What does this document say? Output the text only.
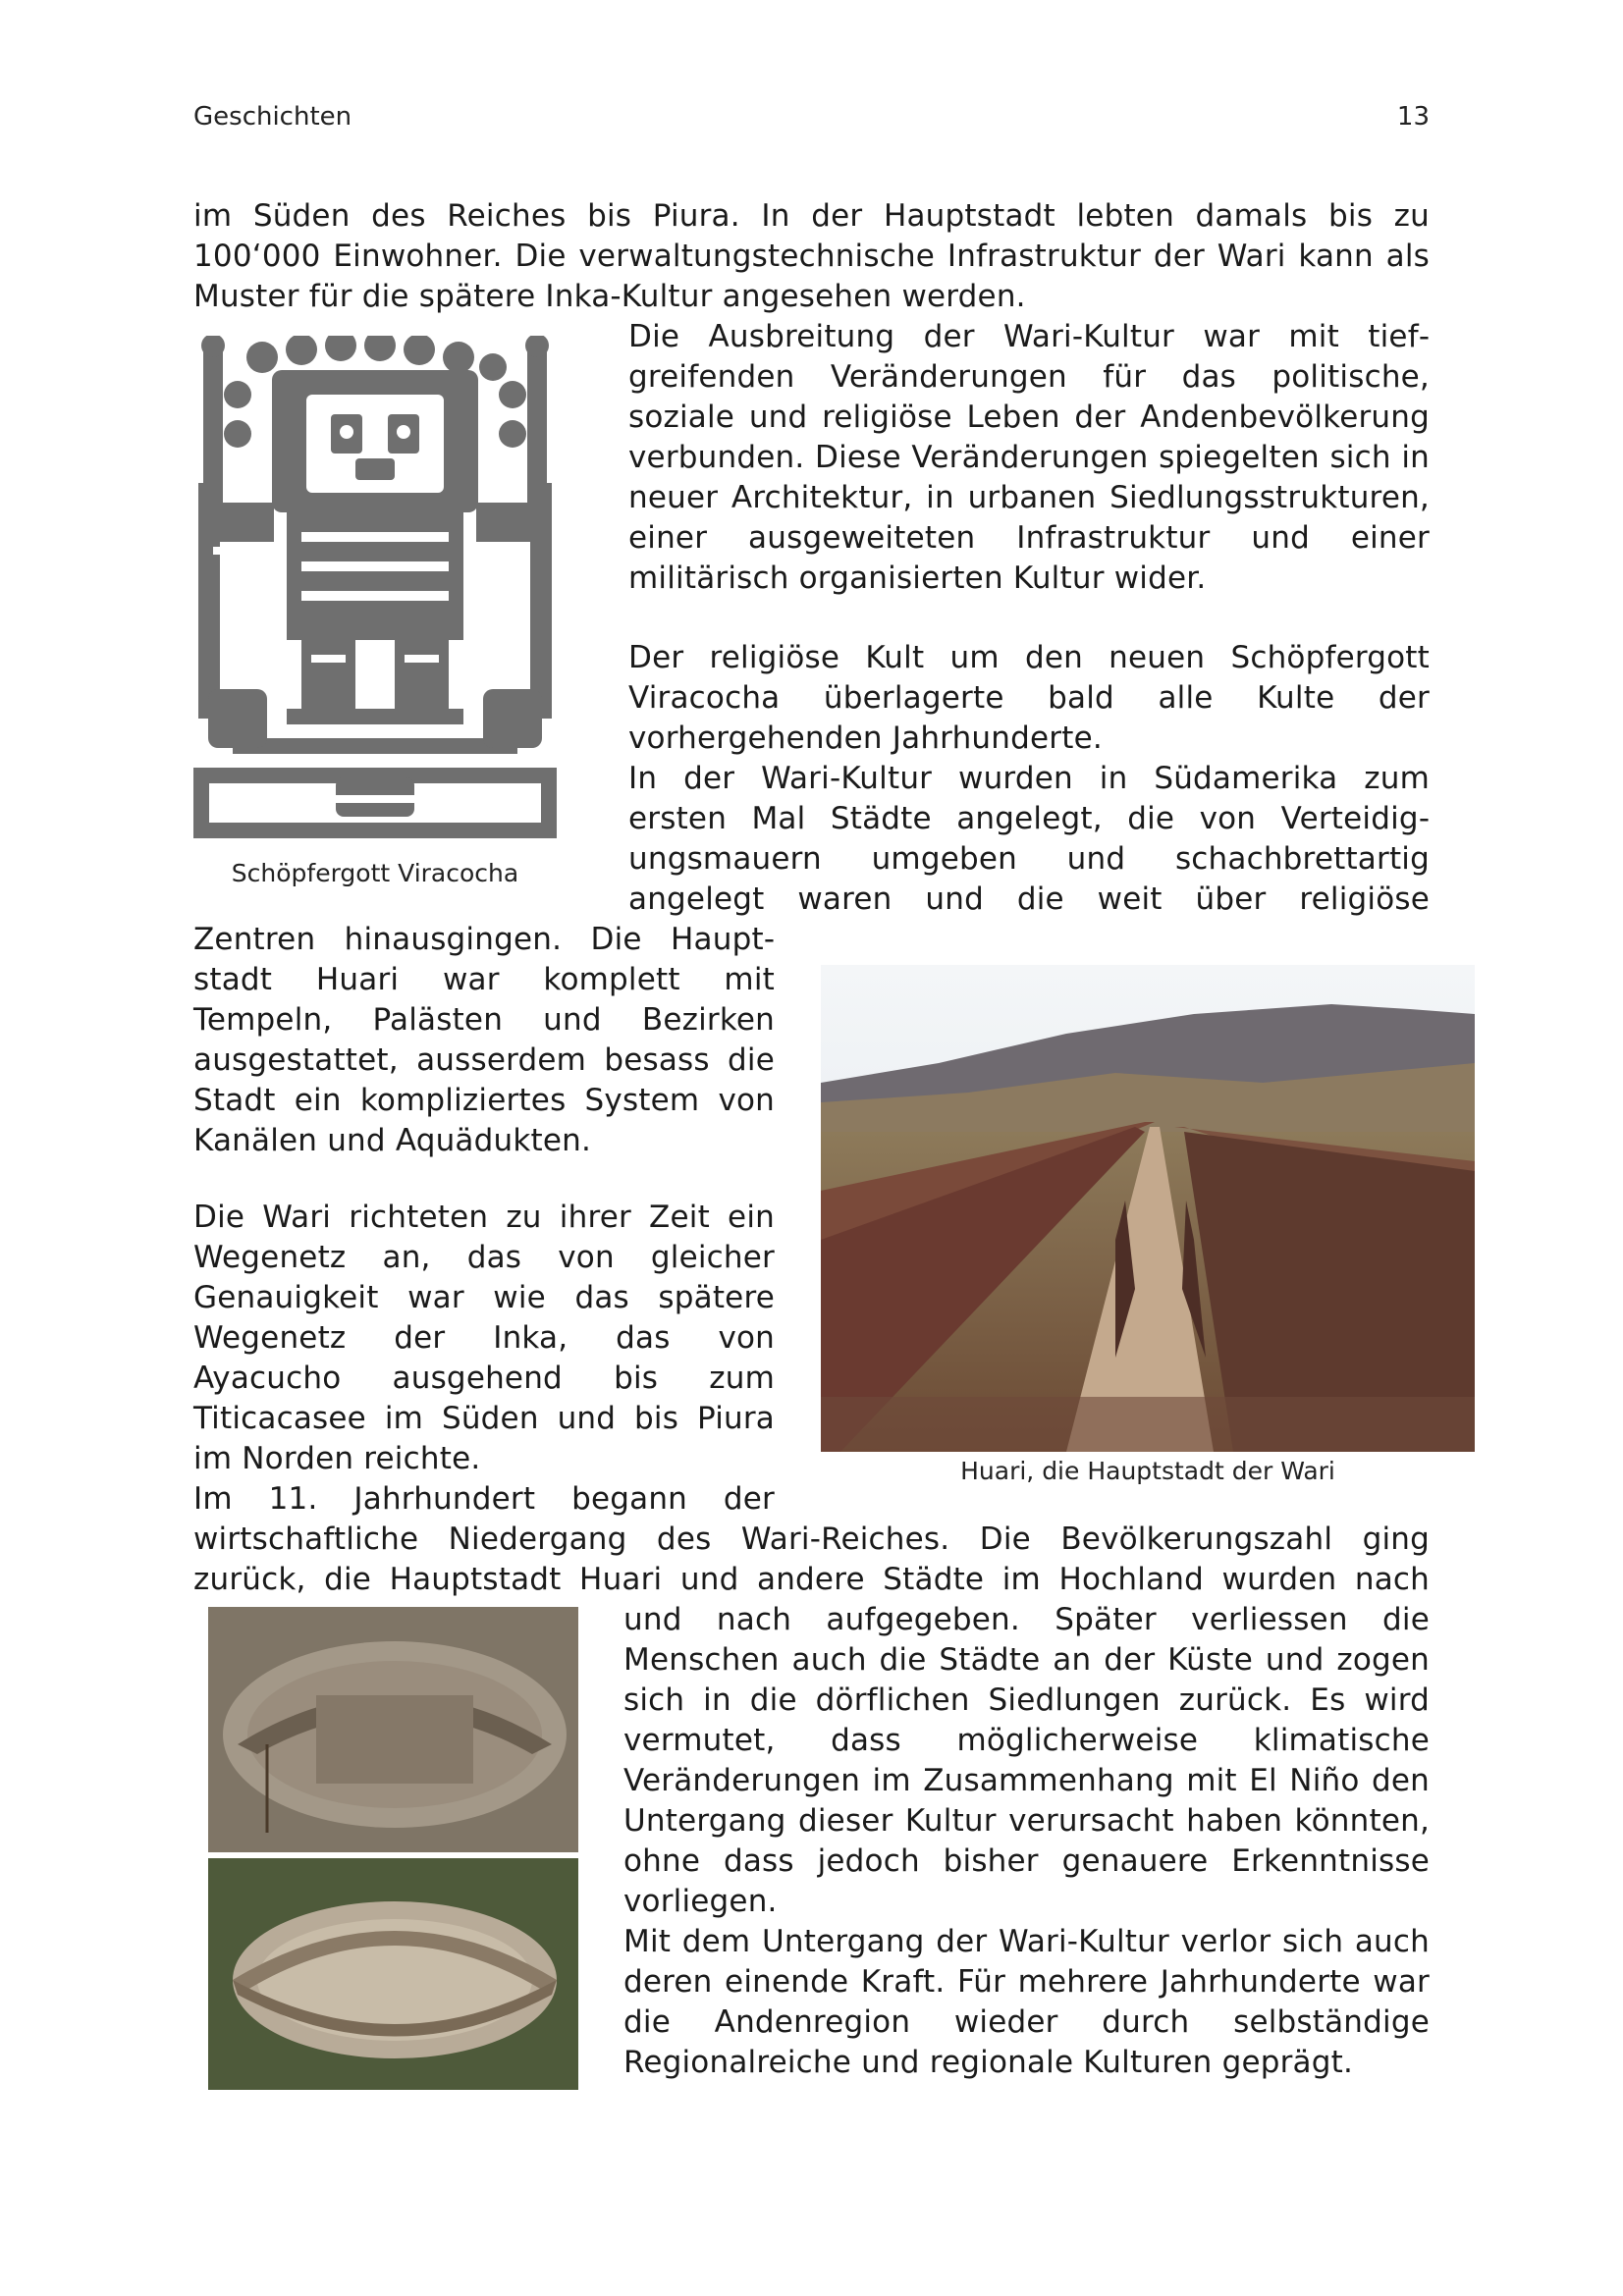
Geschichten	13

im Süden des Reiches bis Piura. In der Hauptstadt lebten damals bis zu 100‘000 Einwohner. Die verwaltungstechnische Infrastruktur der Wari kann als Muster für die spätere Inka-Kultur angesehen werden.

Schöpfergott Viracocha

Die Ausbreitung der Wari-Kultur war mit tiefgreifenden Veränderungen für das politische, soziale und religiöse Leben der Andenbevölkerung verbunden. Diese Veränderungen spiegelten sich in neuer Architektur, in urbanen Siedlungsstrukturen, einer ausgeweiteten Infrastruktur und einer militärisch organisierten Kultur wider.

Der religiöse Kult um den neuen Schöpfergott Viracocha überlagerte bald alle Kulte der vorhergehenden Jahrhunderte.

In der Wari-Kultur wurden in Südamerika zum ersten Mal Städte angelegt, die von Verteidigungsmauern umgeben und schachbrettartig angelegt waren und die weit über religiöse

Zentren hinausgingen. Die Hauptstadt Huari war komplett mit Tempeln, Palästen und Bezirken ausgestattet, ausserdem besass die Stadt ein kompliziertes System von Kanälen und Aquädukten.

Die Wari richteten zu ihrer Zeit ein Wegenetz an, das von gleicher Genauigkeit war wie das spätere Wegenetz der Inka, das von Ayacucho ausgehend bis zum Titicacasee im Süden und bis Piura im Norden reichte.

Im 11. Jahrhundert begann der

Huari, die Hauptstadt der Wari

wirtschaftliche Niedergang des Wari-Reiches. Die Bevölkerungszahl ging zurück, die Hauptstadt Huari und andere Städte im Hochland wurden nach

und nach aufgegeben. Später verliessen die Menschen auch die Städte an der Küste und zogen sich in die dörflichen Siedlungen zurück. Es wird vermutet, dass möglicherweise klimatische Veränderungen im Zusammenhang mit El Niño den Untergang dieser Kultur verursacht haben könnten, ohne dass jedoch bisher genauere Erkenntnisse vorliegen.

Mit dem Untergang der Wari-Kultur verlor sich auch deren einende Kraft. Für mehrere Jahrhunderte war die Andenregion wieder durch selbständige Regionalreiche und regionale Kulturen geprägt.
